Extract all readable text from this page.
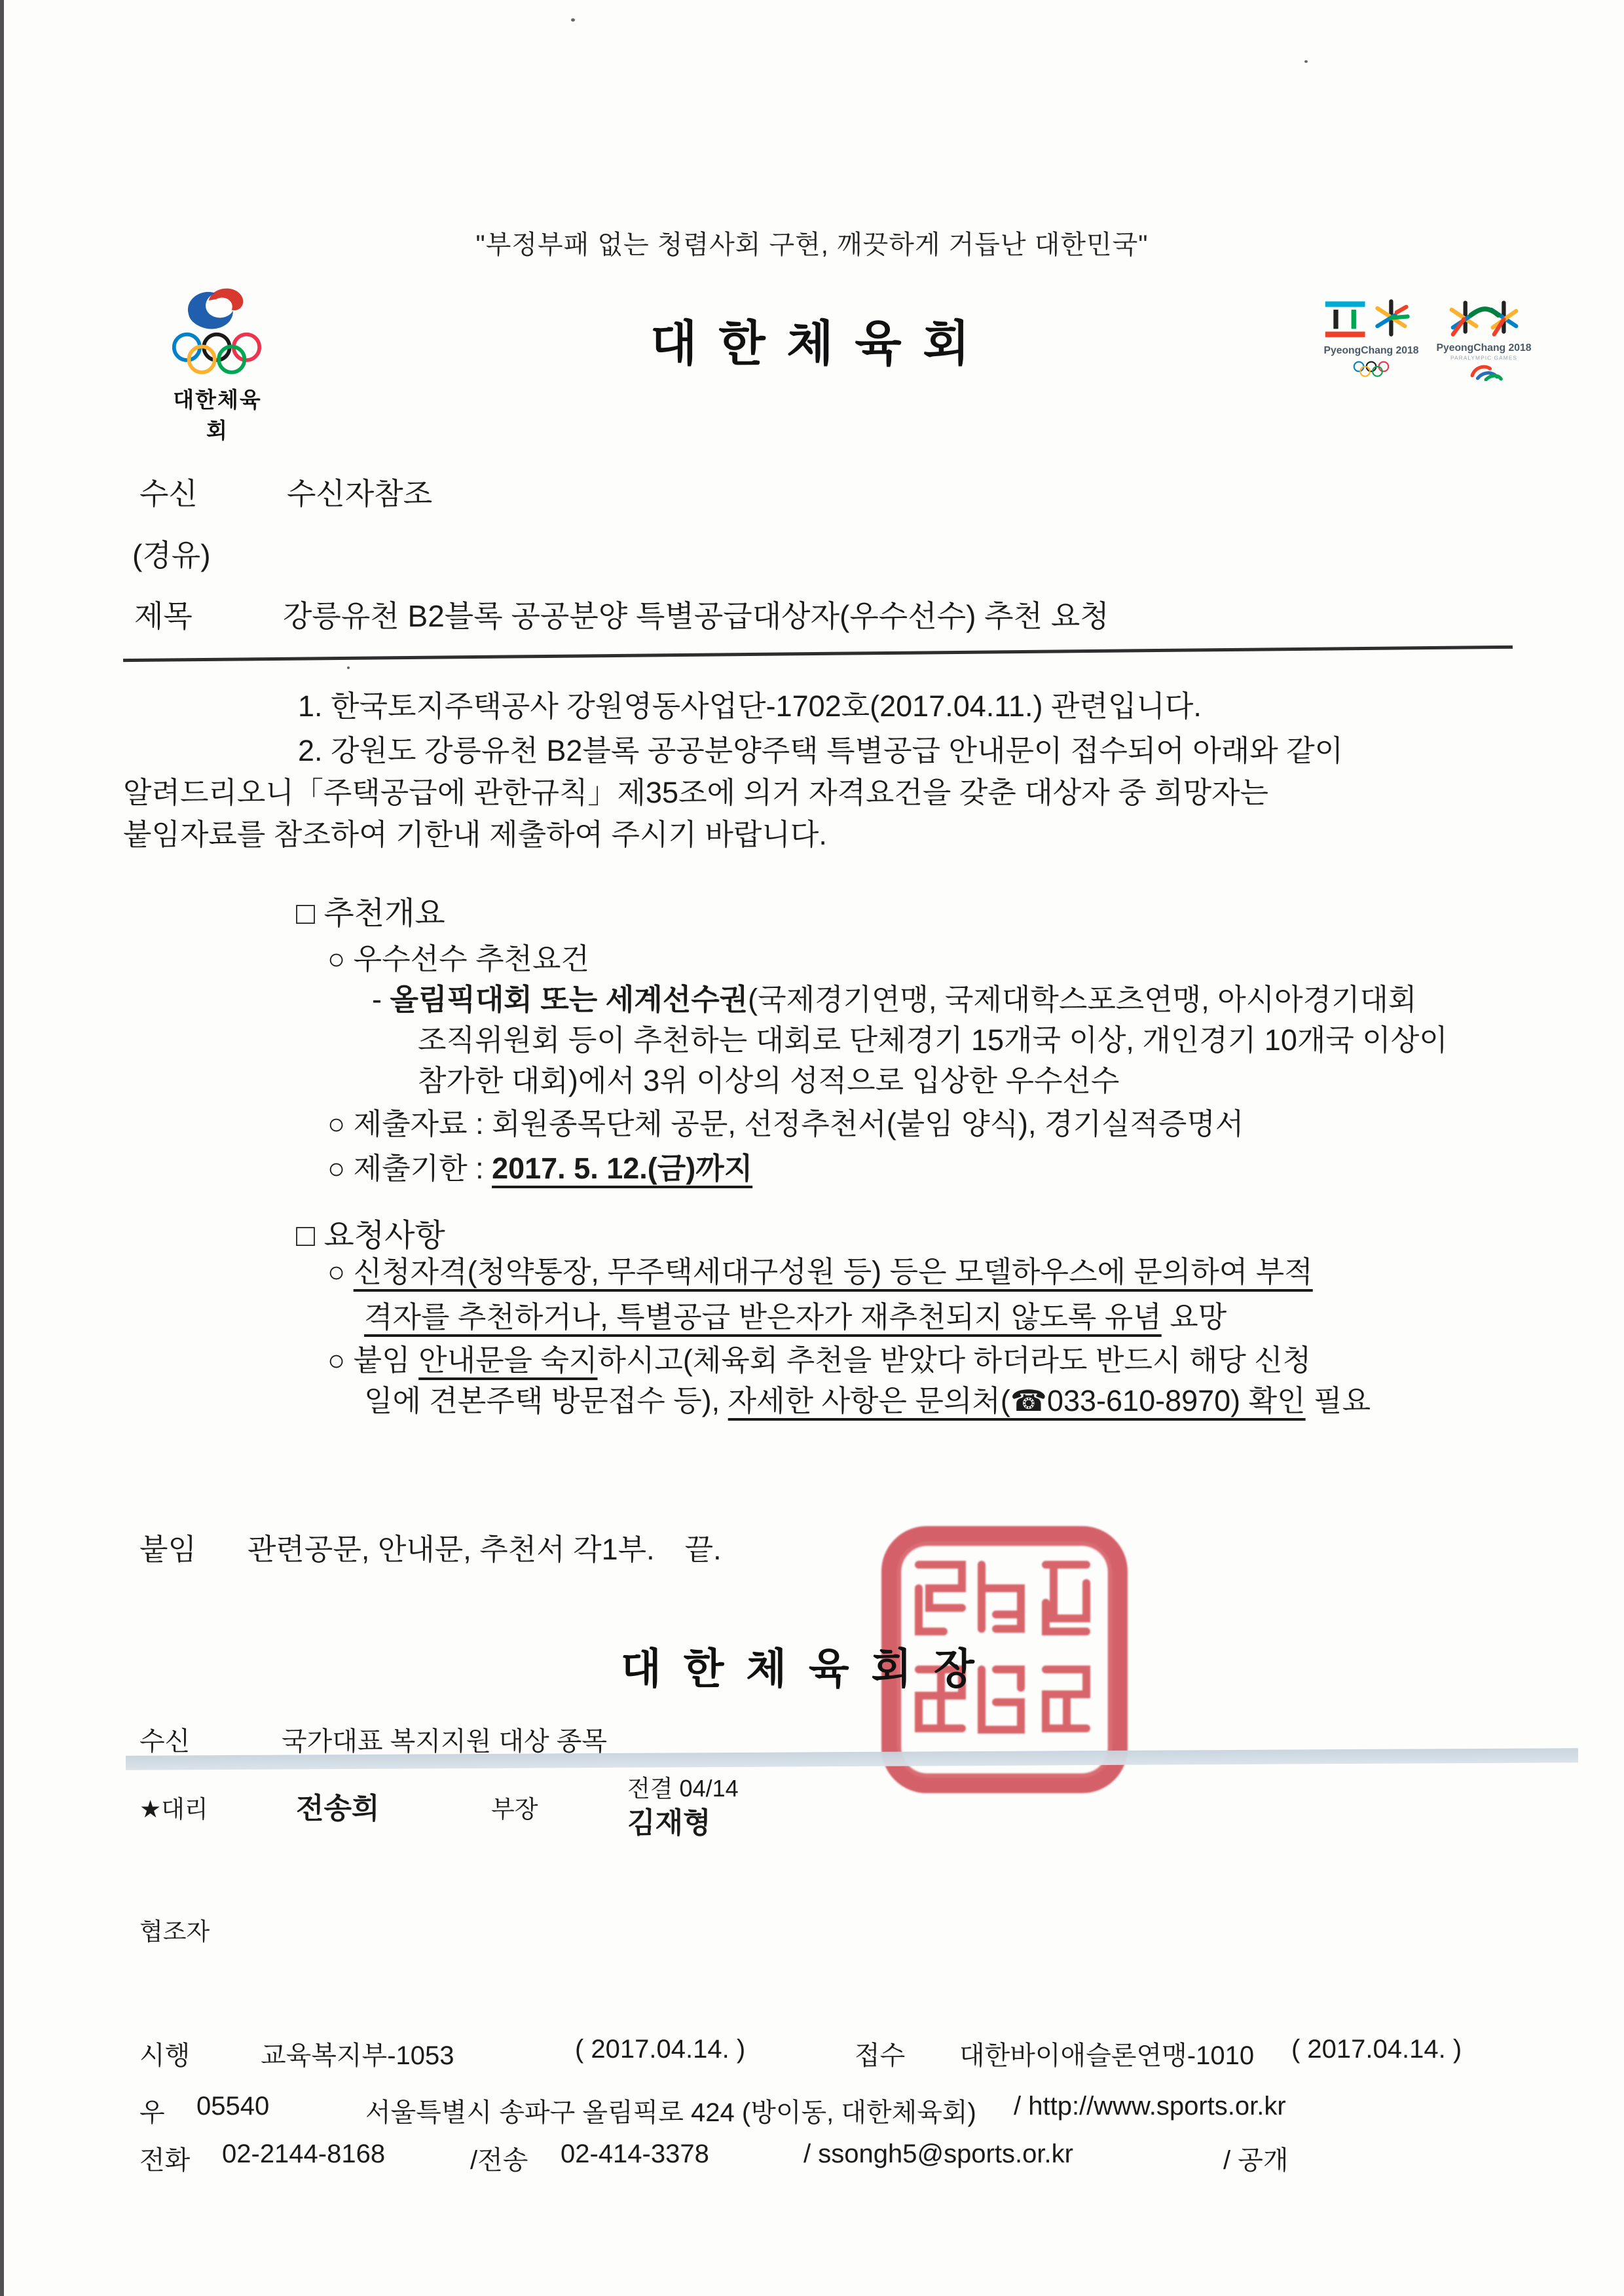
"부정부패 없는 청렴사회 구현, 깨끗하게 거듭난 대한민국"
대 한 체 육 회
대한체육회
PyeongChang 2018 PyeongChang 2018
PARALYMPIC GAMES
수신	수신자참조
(경유)
제목	강릉유천 B2블록 공공분양 특별공급대상자(우수선수) 추천 요청
1. 한국토지주택공사 강원영동사업단-1702호(2017.04.11.) 관련입니다.
2. 강원도 강릉유천 B2블록 공공분양주택 특별공급 안내문이 접수되어 아래와 같이
알려드리오니「주택공급에 관한규칙」제35조에 의거 자격요건을 갖춘 대상자 중 희망자는
붙임자료를 참조하여 기한내 제출하여 주시기 바랍니다.
□ 추천개요
○ 우수선수 추천요건
- 올림픽대회 또는 세계선수권(국제경기연맹, 국제대학스포츠연맹, 아시아경기대회
조직위원회 등이 추천하는 대회로 단체경기 15개국 이상, 개인경기 10개국 이상이
참가한 대회)에서 3위 이상의 성적으로 입상한 우수선수
○ 제출자료 : 회원종목단체 공문, 선정추천서(붙임 양식), 경기실적증명서
○ 제출기한 : 2017. 5. 12.(금)까지
□ 요청사항
○ 신청자격(청약통장, 무주택세대구성원 등) 등은 모델하우스에 문의하여 부적
격자를 추천하거나, 특별공급 받은자가 재추천되지 않도록 유념 요망
○ 붙임 안내문을 숙지하시고(체육회 추천을 받았다 하더라도 반드시 해당 신청
일에 견본주택 방문접수 등), 자세한 사항은 문의처(☎033-610-8970) 확인 필요
붙임 관련공문, 안내문, 추천서 각1부. 끝.
대 한 체 육 회 장
수신	국가대표 복지지원 대상 종목
★대리	전송희	부장
전결 04/14
김재형
협조자
시행	교육복지부-1053	( 2017.04.14. )	접수 대한바이애슬론연맹-1010 ( 2017.04.14. )
우 05540	서울특별시 송파구 올림픽로 424 (방이동, 대한체육회) / http://www.sports.or.kr
전화 02-2144-8168	/전송 02-414-3378	/ ssongh5@sports.or.kr	/ 공개
